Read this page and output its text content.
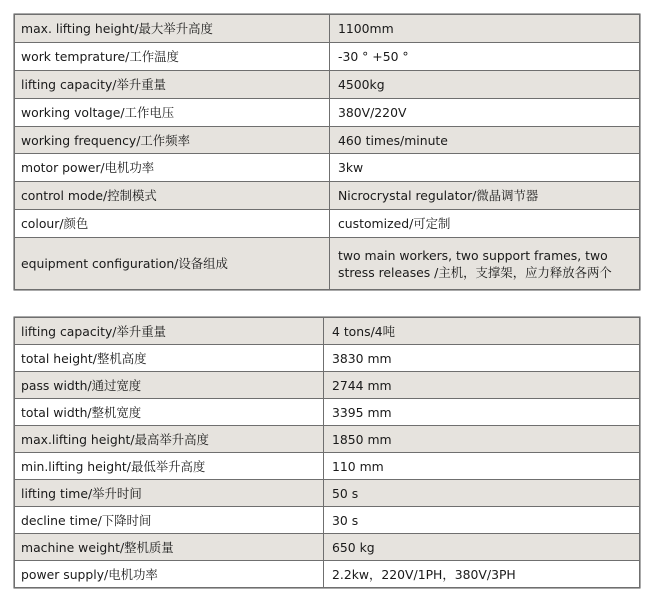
max. lifting height/最大举升高度	1100mm
work temprature/工作温度	-30 ° +50 °
lifting capacity/举升重量	4500kg
working voltage/工作电压	380V/220V
working frequency/工作频率	460 times/minute
motor power/电机功率	3kw
control mode/控制模式	Nicrocrystal regulator/微晶调节器
colour/颜色	customized/可定制
equipment configuration/设备组成	two main workers, two support frames, two stress releases /主机，支撑架，应力释放各两个
lifting capacity/举升重量	4 tons/4吨
total height/整机高度	3830 mm
pass width/通过宽度	2744 mm
total width/整机宽度	3395 mm
max.lifting height/最高举升高度	1850 mm
min.lifting height/最低举升高度	110 mm
lifting time/举升时间	50 s
decline time/下降时间	30 s
machine weight/整机质量	650 kg
power supply/电机功率	2.2kw，220V/1PH，380V/3PH
